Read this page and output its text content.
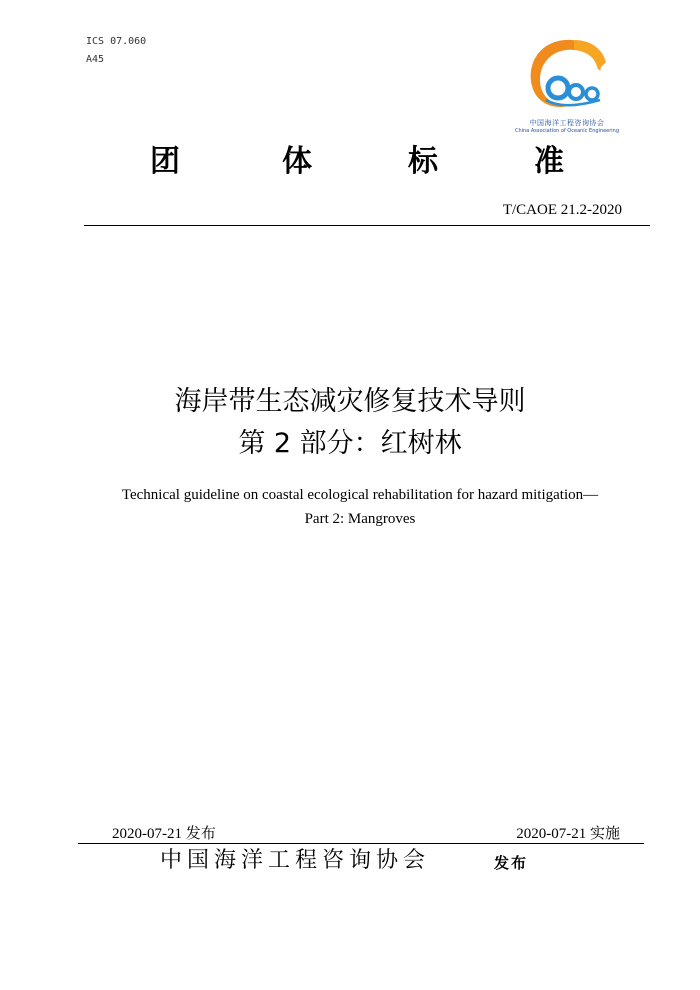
ICS 07.060
A45
中国海洋工程咨询协会
China Association of Oceanic Engineering
团	体	标	准
T/CAOE 21.2-2020
海岸带生态减灾修复技术导则
第 2 部分：红树林
Technical guideline on coastal ecological rehabilitation for hazard mitigation—
Part 2: Mangroves
2020-07-21 发布	2020-07-21 实施
中国海洋工程咨询协会	发布
